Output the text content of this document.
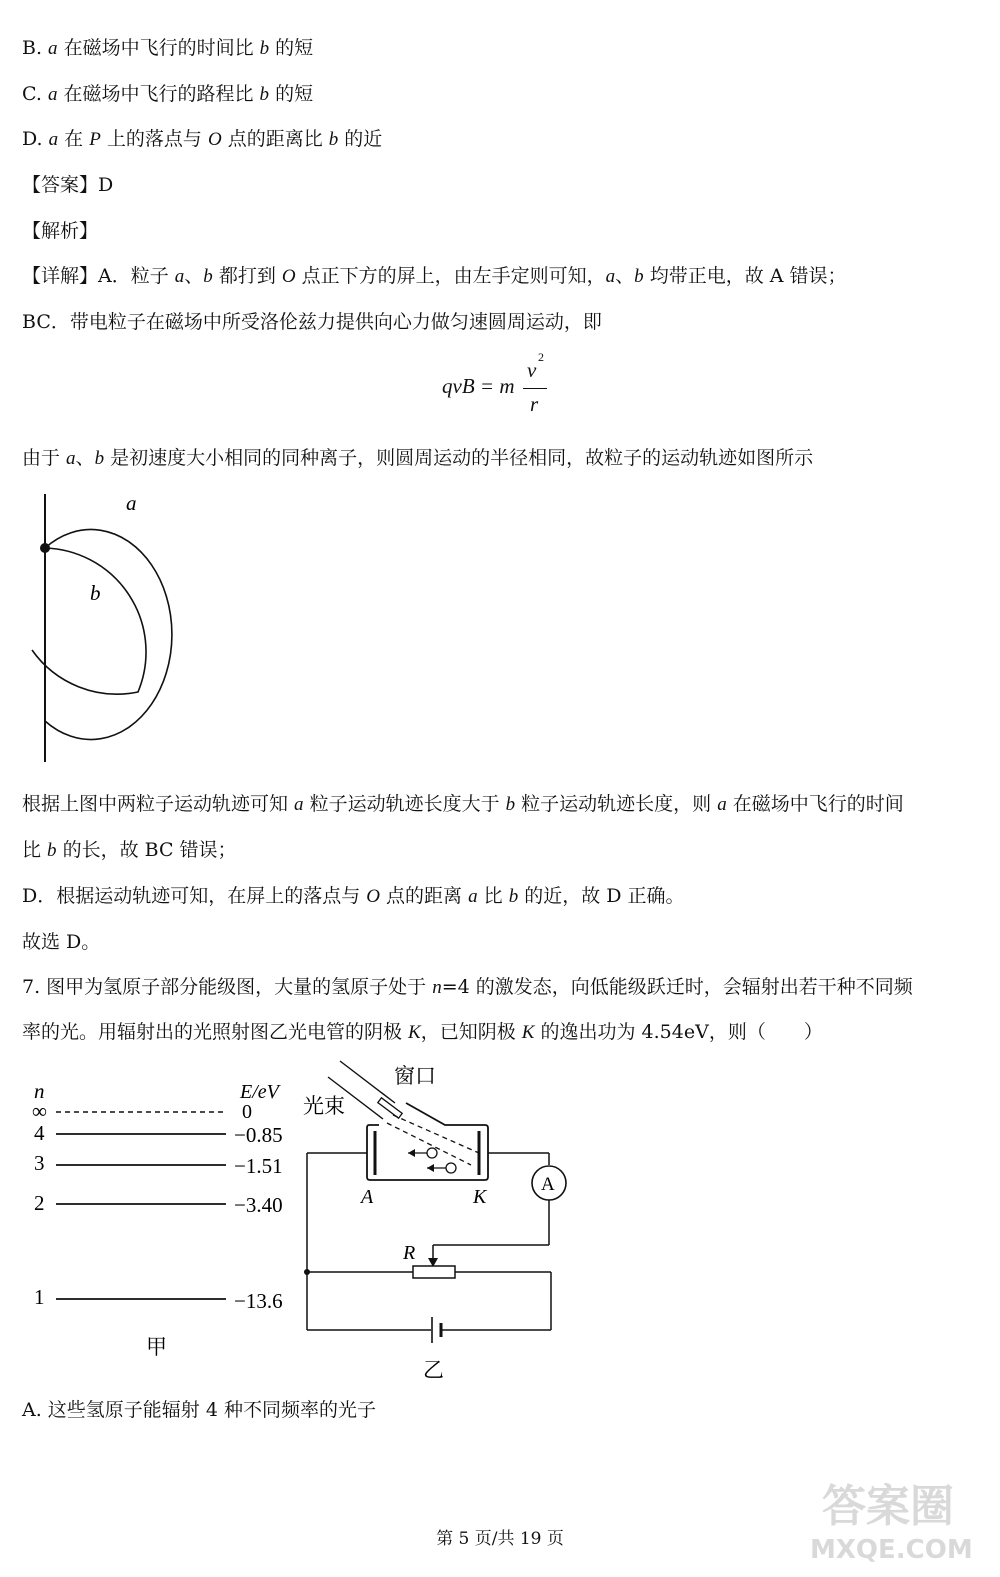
B. a 在磁场中飞行的时间比 b 的短
C. a 在磁场中飞行的路程比 b 的短
D. a 在 P 上的落点与 O 点的距离比 b 的近
【答案】D
【解析】
【详解】A．粒子 a、b 都打到 O 点正下方的屏上，由左手定则可知，a、b 均带正电，故 A 错误；
BC．带电粒子在磁场中所受洛伦兹力提供向心力做匀速圆周运动，即
qvB = m
v
2
r
由于 a、b 是初速度大小相同的同种离子，则圆周运动的半径相同，故粒子的运动轨迹如图所示
a
b
根据上图中两粒子运动轨迹可知 a 粒子运动轨迹长度大于 b 粒子运动轨迹长度，则 a 在磁场中飞行的时间
比 b 的长，故 BC 错误；
D．根据运动轨迹可知，在屏上的落点与 O 点的距离 a 比 b 的近，故 D 正确。
故选 D。
7. 图甲为氢原子部分能级图，大量的氢原子处于 n=4 的激发态，向低能级跃迁时，会辐射出若干种不同频
率的光。用辐射出的光照射图乙光电管的阴极 K，已知阴极 K 的逸出功为 4.54eV，则（　　）
n	E/eV
∞	0
4	−0.85
3	−1.51
2	−3.40
1	−13.6
甲
窗口
光束
A	K
A
R
乙
A. 这些氢原子能辐射 4 种不同频率的光子
第 5 页/共 19 页
答案圈
MXQE.COM
